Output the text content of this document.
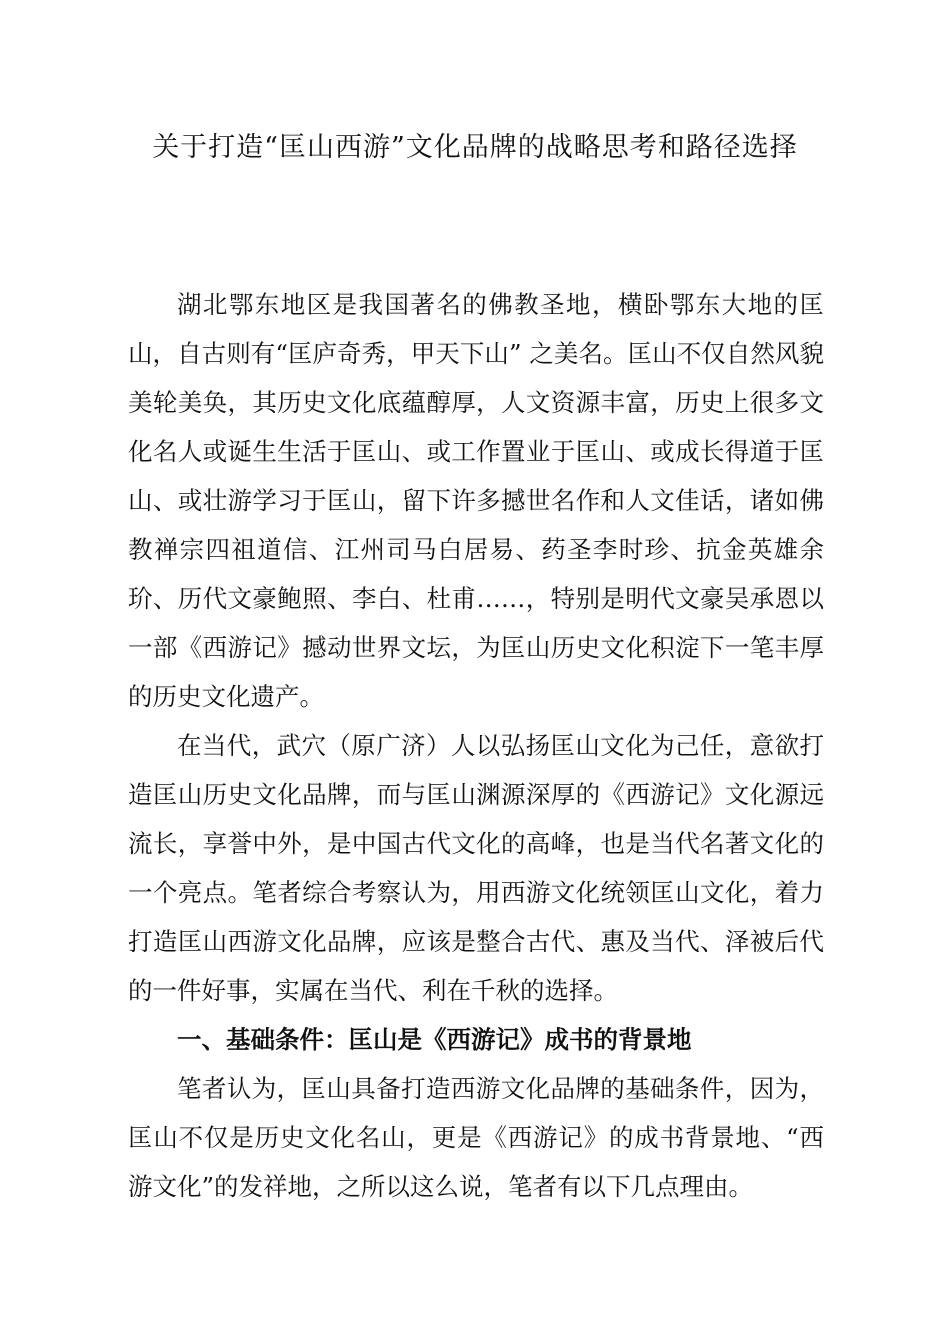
关于打造“匡山西游”文化品牌的战略思考和路径选择

湖北鄂东地区是我国著名的佛教圣地，横卧鄂东大地的匡山，自古则有“匡庐奇秀，甲天下山” 之美名。匡山不仅自然风貌美轮美奂，其历史文化底蕴醇厚，人文资源丰富，历史上很多文化名人或诞生生活于匡山、或工作置业于匡山、或成长得道于匡山、或壮游学习于匡山，留下许多撼世名作和人文佳话，诸如佛教禅宗四祖道信、江州司马白居易、药圣李时珍、抗金英雄余玠、历代文豪鲍照、李白、杜甫……，特别是明代文豪吴承恩以一部《西游记》撼动世界文坛，为匡山历史文化积淀下一笔丰厚的历史文化遗产。

在当代，武穴（原广济）人以弘扬匡山文化为己任，意欲打造匡山历史文化品牌，而与匡山渊源深厚的《西游记》文化源远流长，享誉中外，是中国古代文化的高峰，也是当代名著文化的一个亮点。笔者综合考察认为，用西游文化统领匡山文化，着力打造匡山西游文化品牌，应该是整合古代、惠及当代、泽被后代的一件好事，实属在当代、利在千秋的选择。

一、基础条件：匡山是《西游记》成书的背景地

笔者认为，匡山具备打造西游文化品牌的基础条件，因为，匡山不仅是历史文化名山，更是《西游记》的成书背景地、“西游文化”的发祥地，之所以这么说，笔者有以下几点理由。
